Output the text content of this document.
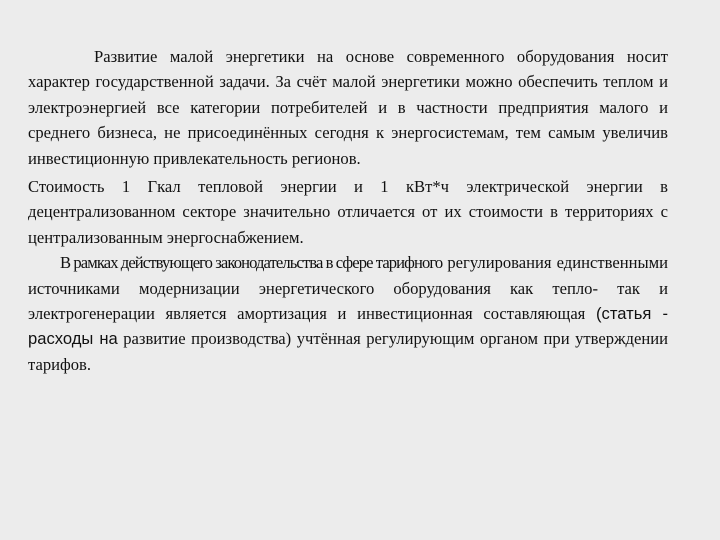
Развитие малой энергетики на основе современного оборудования носит характер государственной задачи. За счёт малой энергетики можно обеспечить теплом и электроэнергией все категории потребителей и в частности предприятия малого и среднего бизнеса, не присоединённых сегодня к энергосистемам, тем самым увеличив инвестиционную привлекательность регионов.

Стоимость 1 Гкал тепловой энергии и 1 кВт*ч электрической энергии в децентрализованном секторе значительно отличается от их стоимости в территориях с централизованным энергоснабжением.

В рамках действующего законодательства в сфере тарифного регулирования единственными источниками модернизации энергетического оборудования как тепло- так и электрогенерации является амортизация и инвестиционная составляющая (статья - расходы на развитие производства) учтённая регулирующим органом при утверждении тарифов.
